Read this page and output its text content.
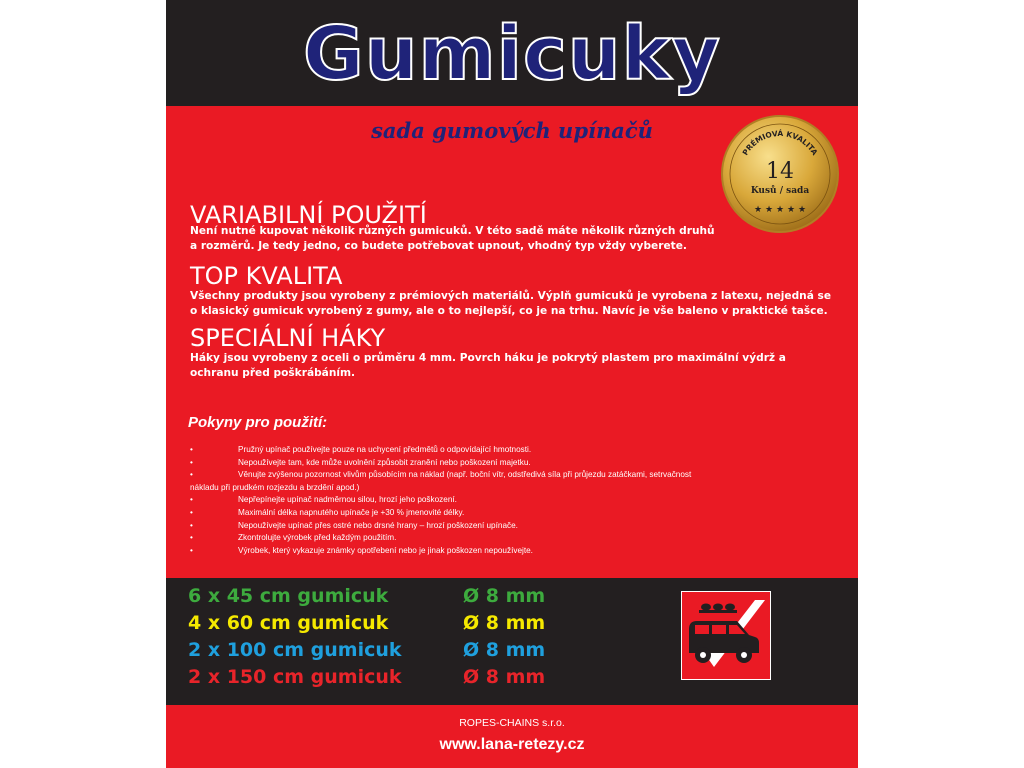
Gumicuky
sada gumových upínačů
PRÉMIOVÁ KVALITA
14
Kusů / sada
★ ★ ★ ★ ★
VARIABILNÍ POUŽITÍ
Není nutné kupovat několik různých gumicuků. V této sadě máte několik různých druhů
a rozměrů. Je tedy jedno, co budete potřebovat upnout, vhodný typ vždy vyberete.
TOP KVALITA
Všechny produkty jsou vyrobeny z prémiových materiálů. Výplň gumicuků je vyrobena z latexu, nejedná se
o klasický gumicuk vyrobený z gumy, ale o to nejlepší, co je na trhu. Navíc je vše baleno v praktické tašce.
SPECIÁLNÍ HÁKY
Háky jsou vyrobeny z oceli o průměru 4 mm. Povrch háku je pokrytý plastem pro maximální výdrž a
ochranu před poškrábáním.
Pokyny pro použití:
•	Pružný upínač používejte pouze na uchycení předmětů o odpovídající hmotnosti.
•	Nepoužívejte tam, kde může uvolnění způsobit zranění nebo poškození majetku.
•	Věnujte zvýšenou pozornost vlivům působícím na náklad (např. boční vítr, odstředivá síla při průjezdu zatáčkami, setrvačnost
nákladu při prudkém rozjezdu a brzdění apod.)
•	Nepřepínejte upínač nadměrnou silou, hrozí jeho poškození.
•	Maximální délka napnutého upínače je +30 % jmenovité délky.
•	Nepoužívejte upínač přes ostré nebo drsné hrany – hrozí poškození upínače.
•	Zkontrolujte výrobek před každým použitím.
•	Výrobek, který vykazuje známky opotřebení nebo je jinak poškozen nepoužívejte.
6 x 45 cm gumicuk	Ø 8 mm
4 x 60 cm gumicuk	Ø 8 mm
2 x 100 cm gumicuk	Ø 8 mm
2 x 150 cm gumicuk	Ø 8 mm
ROPES-CHAINS s.r.o.
www.lana-retezy.cz
